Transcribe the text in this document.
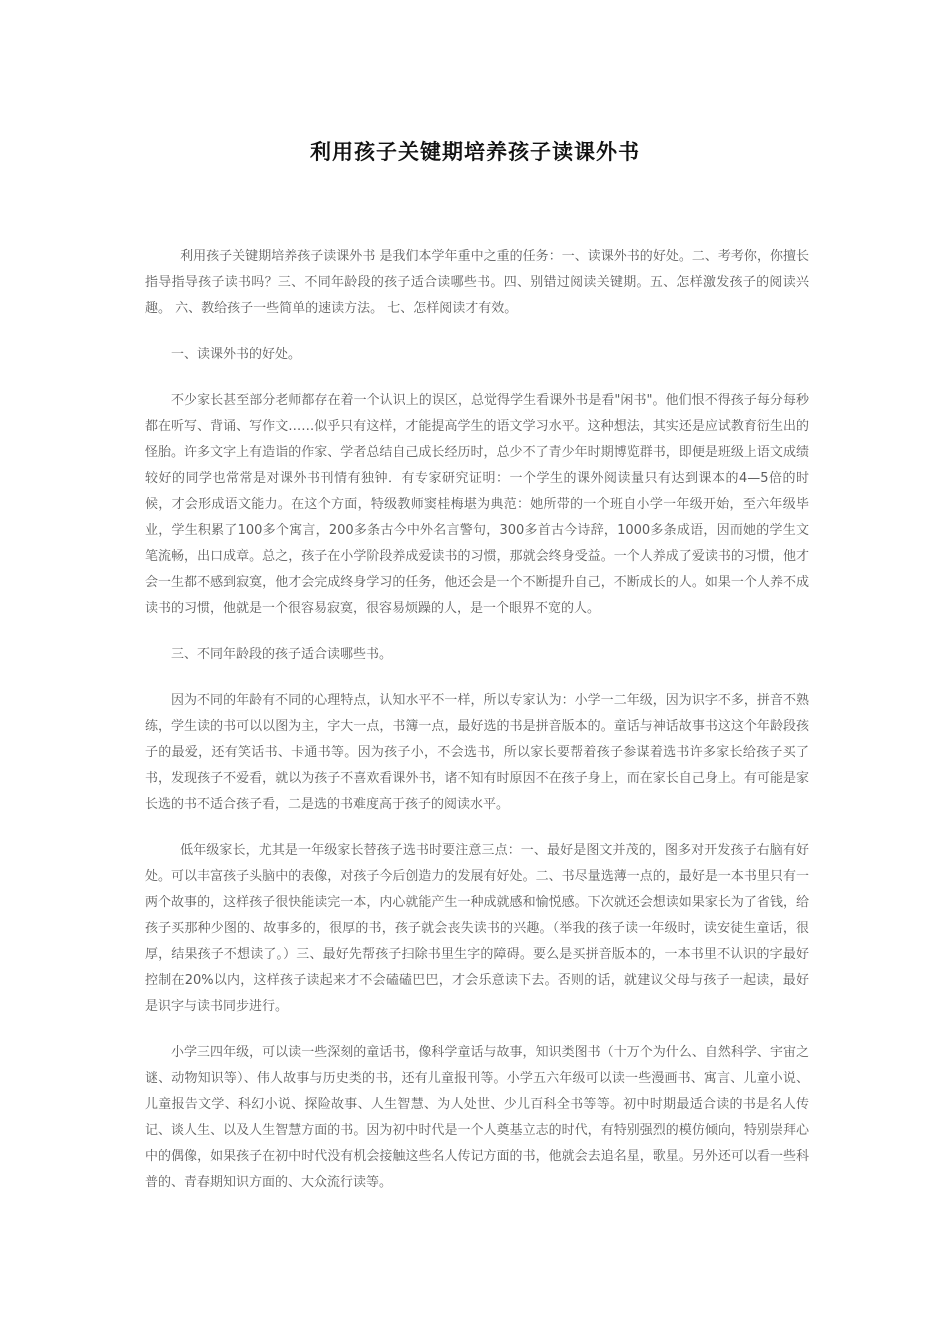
利用孩子关键期培养孩子读课外书

利用孩子关键期培养孩子读课外书 是我们本学年重中之重的任务：一、读课外书的好处。二、考考你，你擅长指导指导孩子读书吗？三、不同年龄段的孩子适合读哪些书。四、别错过阅读关键期。五、怎样激发孩子的阅读兴趣。 六、教给孩子一些简单的速读方法。 七、怎样阅读才有效。

一、读课外书的好处。

不少家长甚至部分老师都存在着一个认识上的误区，总觉得学生看课外书是看"闲书"。他们恨不得孩子每分每秒都在听写、背诵、写作文……似乎只有这样，才能提高学生的语文学习水平。这种想法，其实还是应试教育衍生出的怪胎。许多文字上有造诣的作家、学者总结自己成长经历时，总少不了青少年时期博览群书，即便是班级上语文成绩较好的同学也常常是对课外书刊情有独钟．有专家研究证明：一个学生的课外阅读量只有达到课本的4—5倍的时候，才会形成语文能力。在这个方面，特级教师窦桂梅堪为典范：她所带的一个班自小学一年级开始，至六年级毕业，学生积累了100多个寓言，200多条古今中外名言警句，300多首古今诗辞，1000多条成语，因而她的学生文笔流畅，出口成章。总之，孩子在小学阶段养成爱读书的习惯，那就会终身受益。一个人养成了爱读书的习惯，他才会一生都不感到寂寞，他才会完成终身学习的任务，他还会是一个不断提升自己，不断成长的人。如果一个人养不成读书的习惯，他就是一个很容易寂寞，很容易烦躁的人，是一个眼界不宽的人。

三、不同年龄段的孩子适合读哪些书。

因为不同的年龄有不同的心理特点，认知水平不一样，所以专家认为：小学一二年级，因为识字不多，拼音不熟练，学生读的书可以以图为主，字大一点，书簿一点，最好选的书是拼音版本的。童话与神话故事书这这个年龄段孩子的最爱，还有笑话书、卡通书等。因为孩子小，不会选书，所以家长要帮着孩子参谋着选书许多家长给孩子买了书，发现孩子不爱看，就以为孩子不喜欢看课外书，诸不知有时原因不在孩子身上，而在家长自己身上。有可能是家长选的书不适合孩子看，二是选的书难度高于孩子的阅读水平。

低年级家长，尤其是一年级家长替孩子选书时要注意三点：一、最好是图文并茂的，图多对开发孩子右脑有好处。可以丰富孩子头脑中的表像，对孩子今后创造力的发展有好处。二、书尽量选薄一点的，最好是一本书里只有一两个故事的，这样孩子很快能读完一本，内心就能产生一种成就感和愉悦感。下次就还会想读如果家长为了省钱，给孩子买那种少图的、故事多的，很厚的书，孩子就会丧失读书的兴趣。（举我的孩子读一年级时，读安徒生童话，很厚，结果孩子不想读了。）三、最好先帮孩子扫除书里生字的障碍。要么是买拼音版本的，一本书里不认识的字最好控制在20%以内，这样孩子读起来才不会磕磕巴巴，才会乐意读下去。否则的话，就建议父母与孩子一起读，最好是识字与读书同步进行。

小学三四年级，可以读一些深刻的童话书，像科学童话与故事，知识类图书（十万个为什么、自然科学、宇宙之谜、动物知识等）、伟人故事与历史类的书，还有儿童报刊等。小学五六年级可以读一些漫画书、寓言、儿童小说、儿童报告文学、科幻小说、探险故事、人生智慧、为人处世、少儿百科全书等等。初中时期最适合读的书是名人传记、谈人生、以及人生智慧方面的书。因为初中时代是一个人奠基立志的时代，有特别强烈的模仿倾向，特别崇拜心中的偶像，如果孩子在初中时代没有机会接触这些名人传记方面的书，他就会去追名星，歌星。另外还可以看一些科普的、青春期知识方面的、大众流行读等。
